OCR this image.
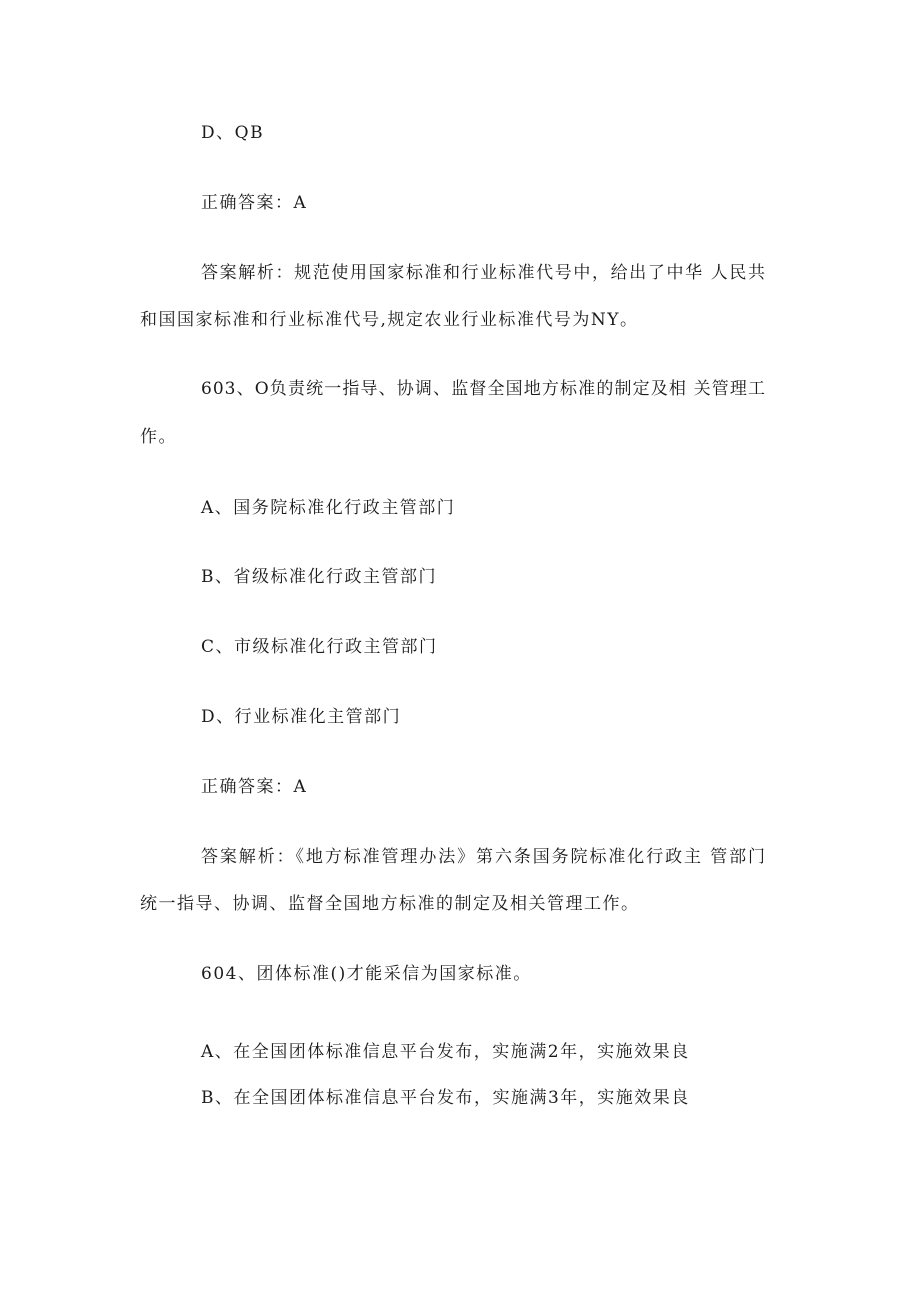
D、QB
正确答案：A
答案解析：规范使用国家标准和行业标准代号中，给出了中华 人民共
和国国家标准和行业标准代号,规定农业行业标准代号为NY。
603、O负责统一指导、协调、监督全国地方标准的制定及相 关管理工
作。
A、国务院标准化行政主管部门
B、省级标准化行政主管部门
C、市级标准化行政主管部门
D、行业标准化主管部门
正确答案：A
答案解析：《地方标准管理办法》第六条国务院标准化行政主 管部门
统一指导、协调、监督全国地方标准的制定及相关管理工作。
604、团体标准()才能采信为国家标准。
A、在全国团体标准信息平台发布，实施满2年，实施效果良
B、在全国团体标准信息平台发布，实施满3年，实施效果良
